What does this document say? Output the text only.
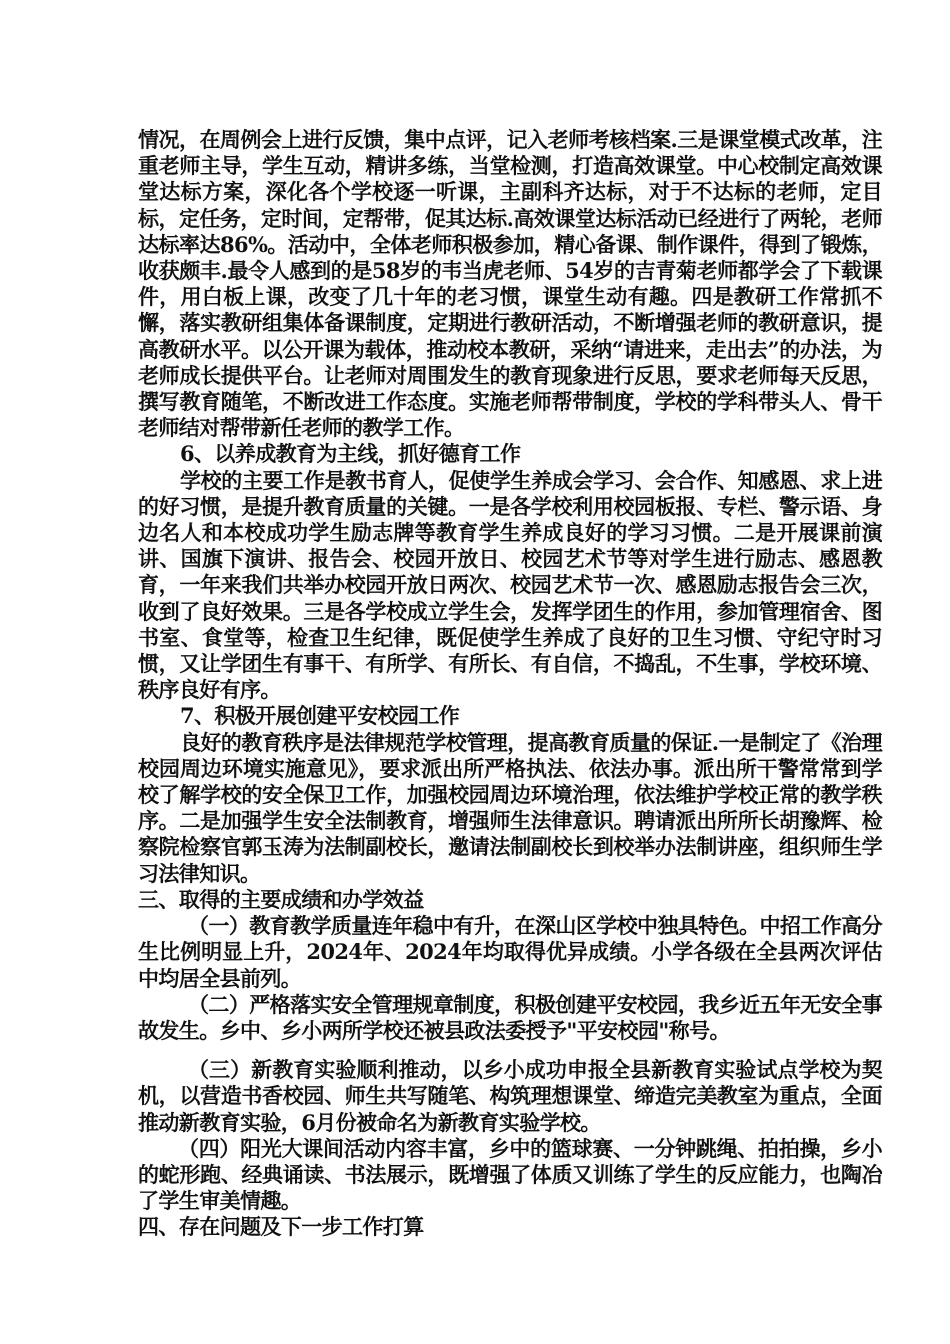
情况，在周例会上进行反馈，集中点评，记入老师考核档案.三是课堂模式改革，注重老师主导，学生互动，精讲多练，当堂检测，打造高效课堂。中心校制定高效课堂达标方案，深化各个学校逐一听课，主副科齐达标，对于不达标的老师，定目标，定任务，定时间，定帮带，促其达标.高效课堂达标活动已经进行了两轮，老师达标率达86%。活动中，全体老师积极参加，精心备课、制作课件，得到了锻炼，收获颇丰.最令人感到的是58岁的韦当虎老师、54岁的吉青菊老师都学会了下载课件，用白板上课，改变了几十年的老习惯，课堂生动有趣。四是教研工作常抓不懈，落实教研组集体备课制度，定期进行教研活动，不断增强老师的教研意识，提高教研水平。以公开课为载体，推动校本教研，采纳“请进来，走出去”的办法，为老师成长提供平台。让老师对周围发生的教育现象进行反思，要求老师每天反思，撰写教育随笔，不断改进工作态度。实施老师帮带制度，学校的学科带头人、骨干老师结对帮带新任老师的教学工作。

6、以养成教育为主线，抓好德育工作

学校的主要工作是教书育人，促使学生养成会学习、会合作、知感恩、求上进的好习惯，是提升教育质量的关键。一是各学校利用校园板报、专栏、警示语、身边名人和本校成功学生励志牌等教育学生养成良好的学习习惯。二是开展课前演讲、国旗下演讲、报告会、校园开放日、校园艺术节等对学生进行励志、感恩教育，一年来我们共举办校园开放日两次、校园艺术节一次、感恩励志报告会三次，收到了良好效果。三是各学校成立学生会，发挥学团生的作用，参加管理宿舍、图书室、食堂等，检查卫生纪律，既促使学生养成了良好的卫生习惯、守纪守时习惯，又让学团生有事干、有所学、有所长、有自信，不捣乱，不生事，学校环境、秩序良好有序。

7、积极开展创建平安校园工作

良好的教育秩序是法律规范学校管理，提高教育质量的保证.一是制定了《治理校园周边环境实施意见》，要求派出所严格执法、依法办事。派出所干警常常到学校了解学校的安全保卫工作，加强校园周边环境治理，依法维护学校正常的教学秩序。二是加强学生安全法制教育，增强师生法律意识。聘请派出所所长胡豫辉、检察院检察官郭玉涛为法制副校长，邀请法制副校长到校举办法制讲座，组织师生学习法律知识。

三、取得的主要成绩和办学效益

（一）教育教学质量连年稳中有升，在深山区学校中独具特色。中招工作高分生比例明显上升，2024年、2024年均取得优异成绩。小学各级在全县两次评估中均居全县前列。

（二）严格落实安全管理规章制度，积极创建平安校园，我乡近五年无安全事故发生。乡中、乡小两所学校还被县政法委授予"平安校园"称号。

（三）新教育实验顺利推动，以乡小成功申报全县新教育实验试点学校为契机，以营造书香校园、师生共写随笔、构筑理想课堂、缔造完美教室为重点，全面推动新教育实验，6月份被命名为新教育实验学校。

（四）阳光大课间活动内容丰富，乡中的篮球赛、一分钟跳绳、拍拍操，乡小的蛇形跑、经典诵读、书法展示，既增强了体质又训练了学生的反应能力，也陶冶了学生审美情趣。

四、存在问题及下一步工作打算
